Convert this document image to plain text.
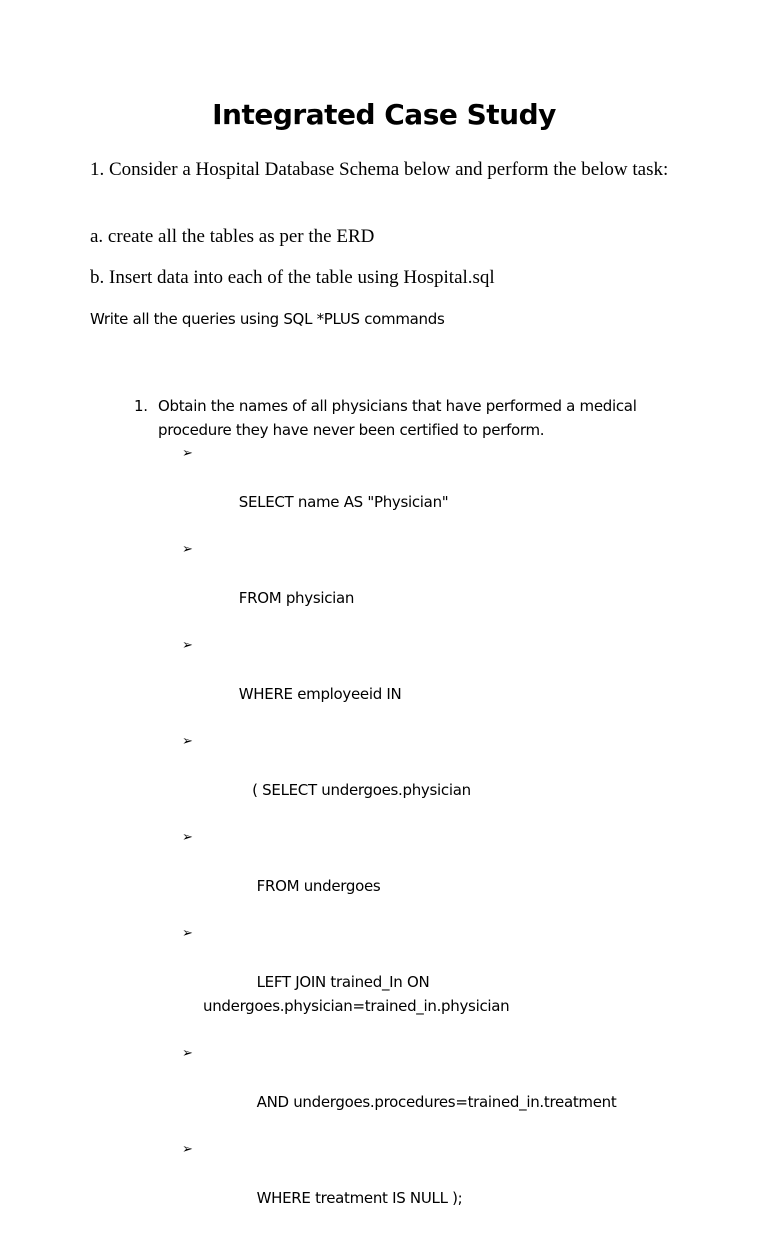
Integrated Case Study
1. Consider a Hospital Database Schema below and perform the below task:
a. create all the tables as per the ERD
b. Insert data into each of the table using Hospital.sql
Write all the queries using SQL *PLUS commands
1. Obtain the names of all physicians that have performed a medical procedure they have never been certified to perform.

➢

SELECT name AS "Physician"

➢

FROM physician

➢

WHERE employeeid IN

➢

( SELECT undergoes.physician

➢

FROM undergoes

➢

LEFT JOIN trained_In ON undergoes.physician=trained_in.physician

➢

AND undergoes.procedures=trained_in.treatment

➢

WHERE treatment IS NULL );
